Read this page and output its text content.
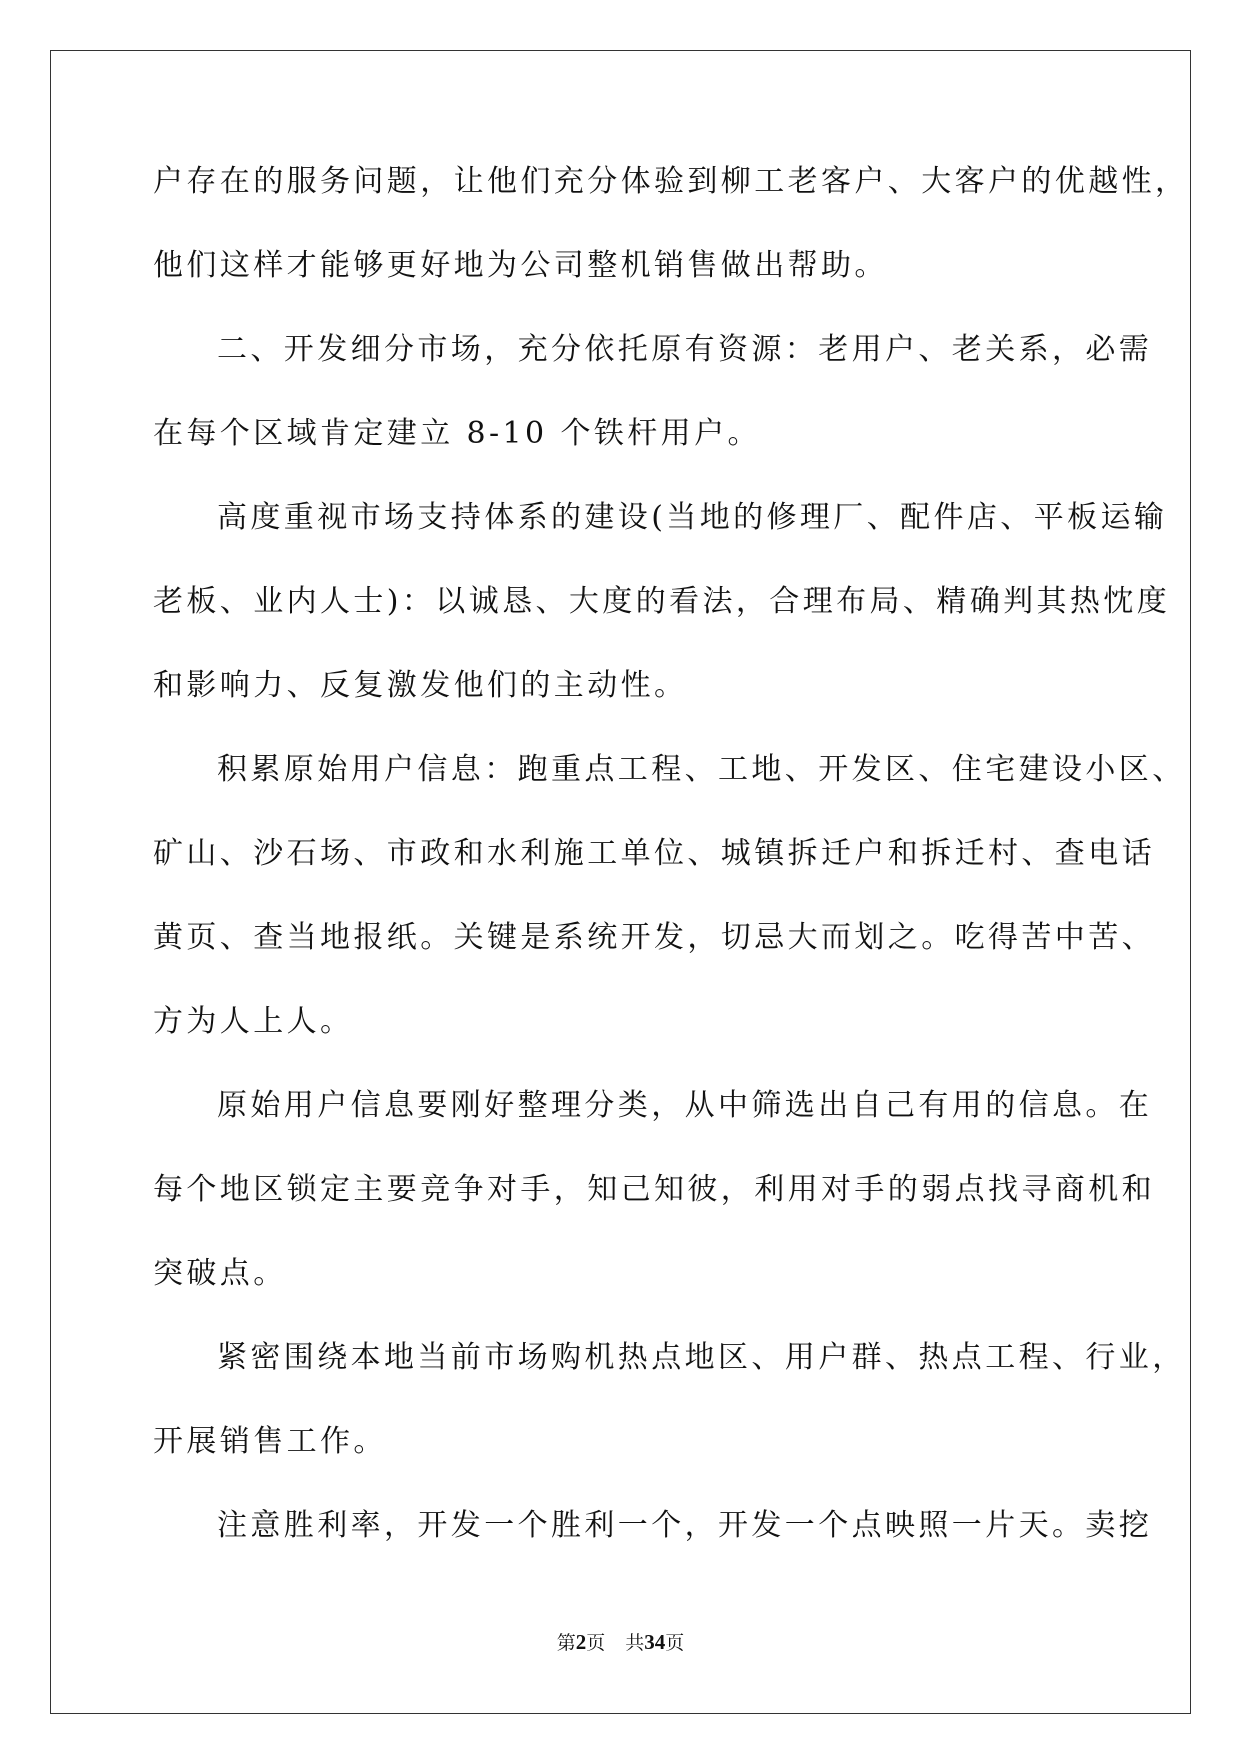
户存在的服务问题，让他们充分体验到柳工老客户、大客户的优越性，
他们这样才能够更好地为公司整机销售做出帮助。
二、开发细分市场，充分依托原有资源：老用户、老关系，必需
在每个区域肯定建立 8-10 个铁杆用户。
高度重视市场支持体系的建设(当地的修理厂、配件店、平板运输
老板、业内人士)：以诚恳、大度的看法，合理布局、精确判其热忱度
和影响力、反复激发他们的主动性。
积累原始用户信息：跑重点工程、工地、开发区、住宅建设小区、
矿山、沙石场、市政和水利施工单位、城镇拆迁户和拆迁村、查电话
黄页、查当地报纸。关键是系统开发，切忌大而划之。吃得苦中苦、
方为人上人。
原始用户信息要刚好整理分类，从中筛选出自己有用的信息。在
每个地区锁定主要竞争对手，知己知彼，利用对手的弱点找寻商机和
突破点。
紧密围绕本地当前市场购机热点地区、用户群、热点工程、行业，
开展销售工作。
注意胜利率，开发一个胜利一个，开发一个点映照一片天。卖挖
第2页 共34页
